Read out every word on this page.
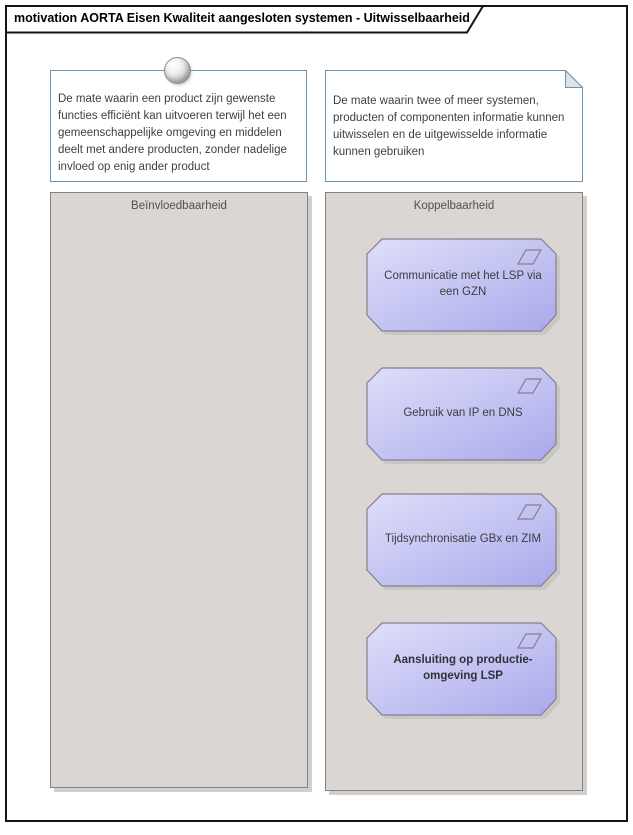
motivation AORTA Eisen Kwaliteit aangesloten systemen - Uitwisselbaarheid
De mate waarin een product zijn gewenste functies efficiënt kan uitvoeren terwijl het een gemeenschappelijke omgeving en middelen deelt met andere producten, zonder nadelige invloed op enig ander product
De mate waarin twee of meer systemen, producten of componenten informatie kunnen uitwisselen en de uitgewisselde informatie kunnen gebruiken
Beïnvloedbaarheid	Koppelbaarheid
Communicatie met het LSP via een GZN
Gebruik van IP en DNS
Tijdsynchronisatie GBx en ZIM
Aansluiting op productie-omgeving LSP
